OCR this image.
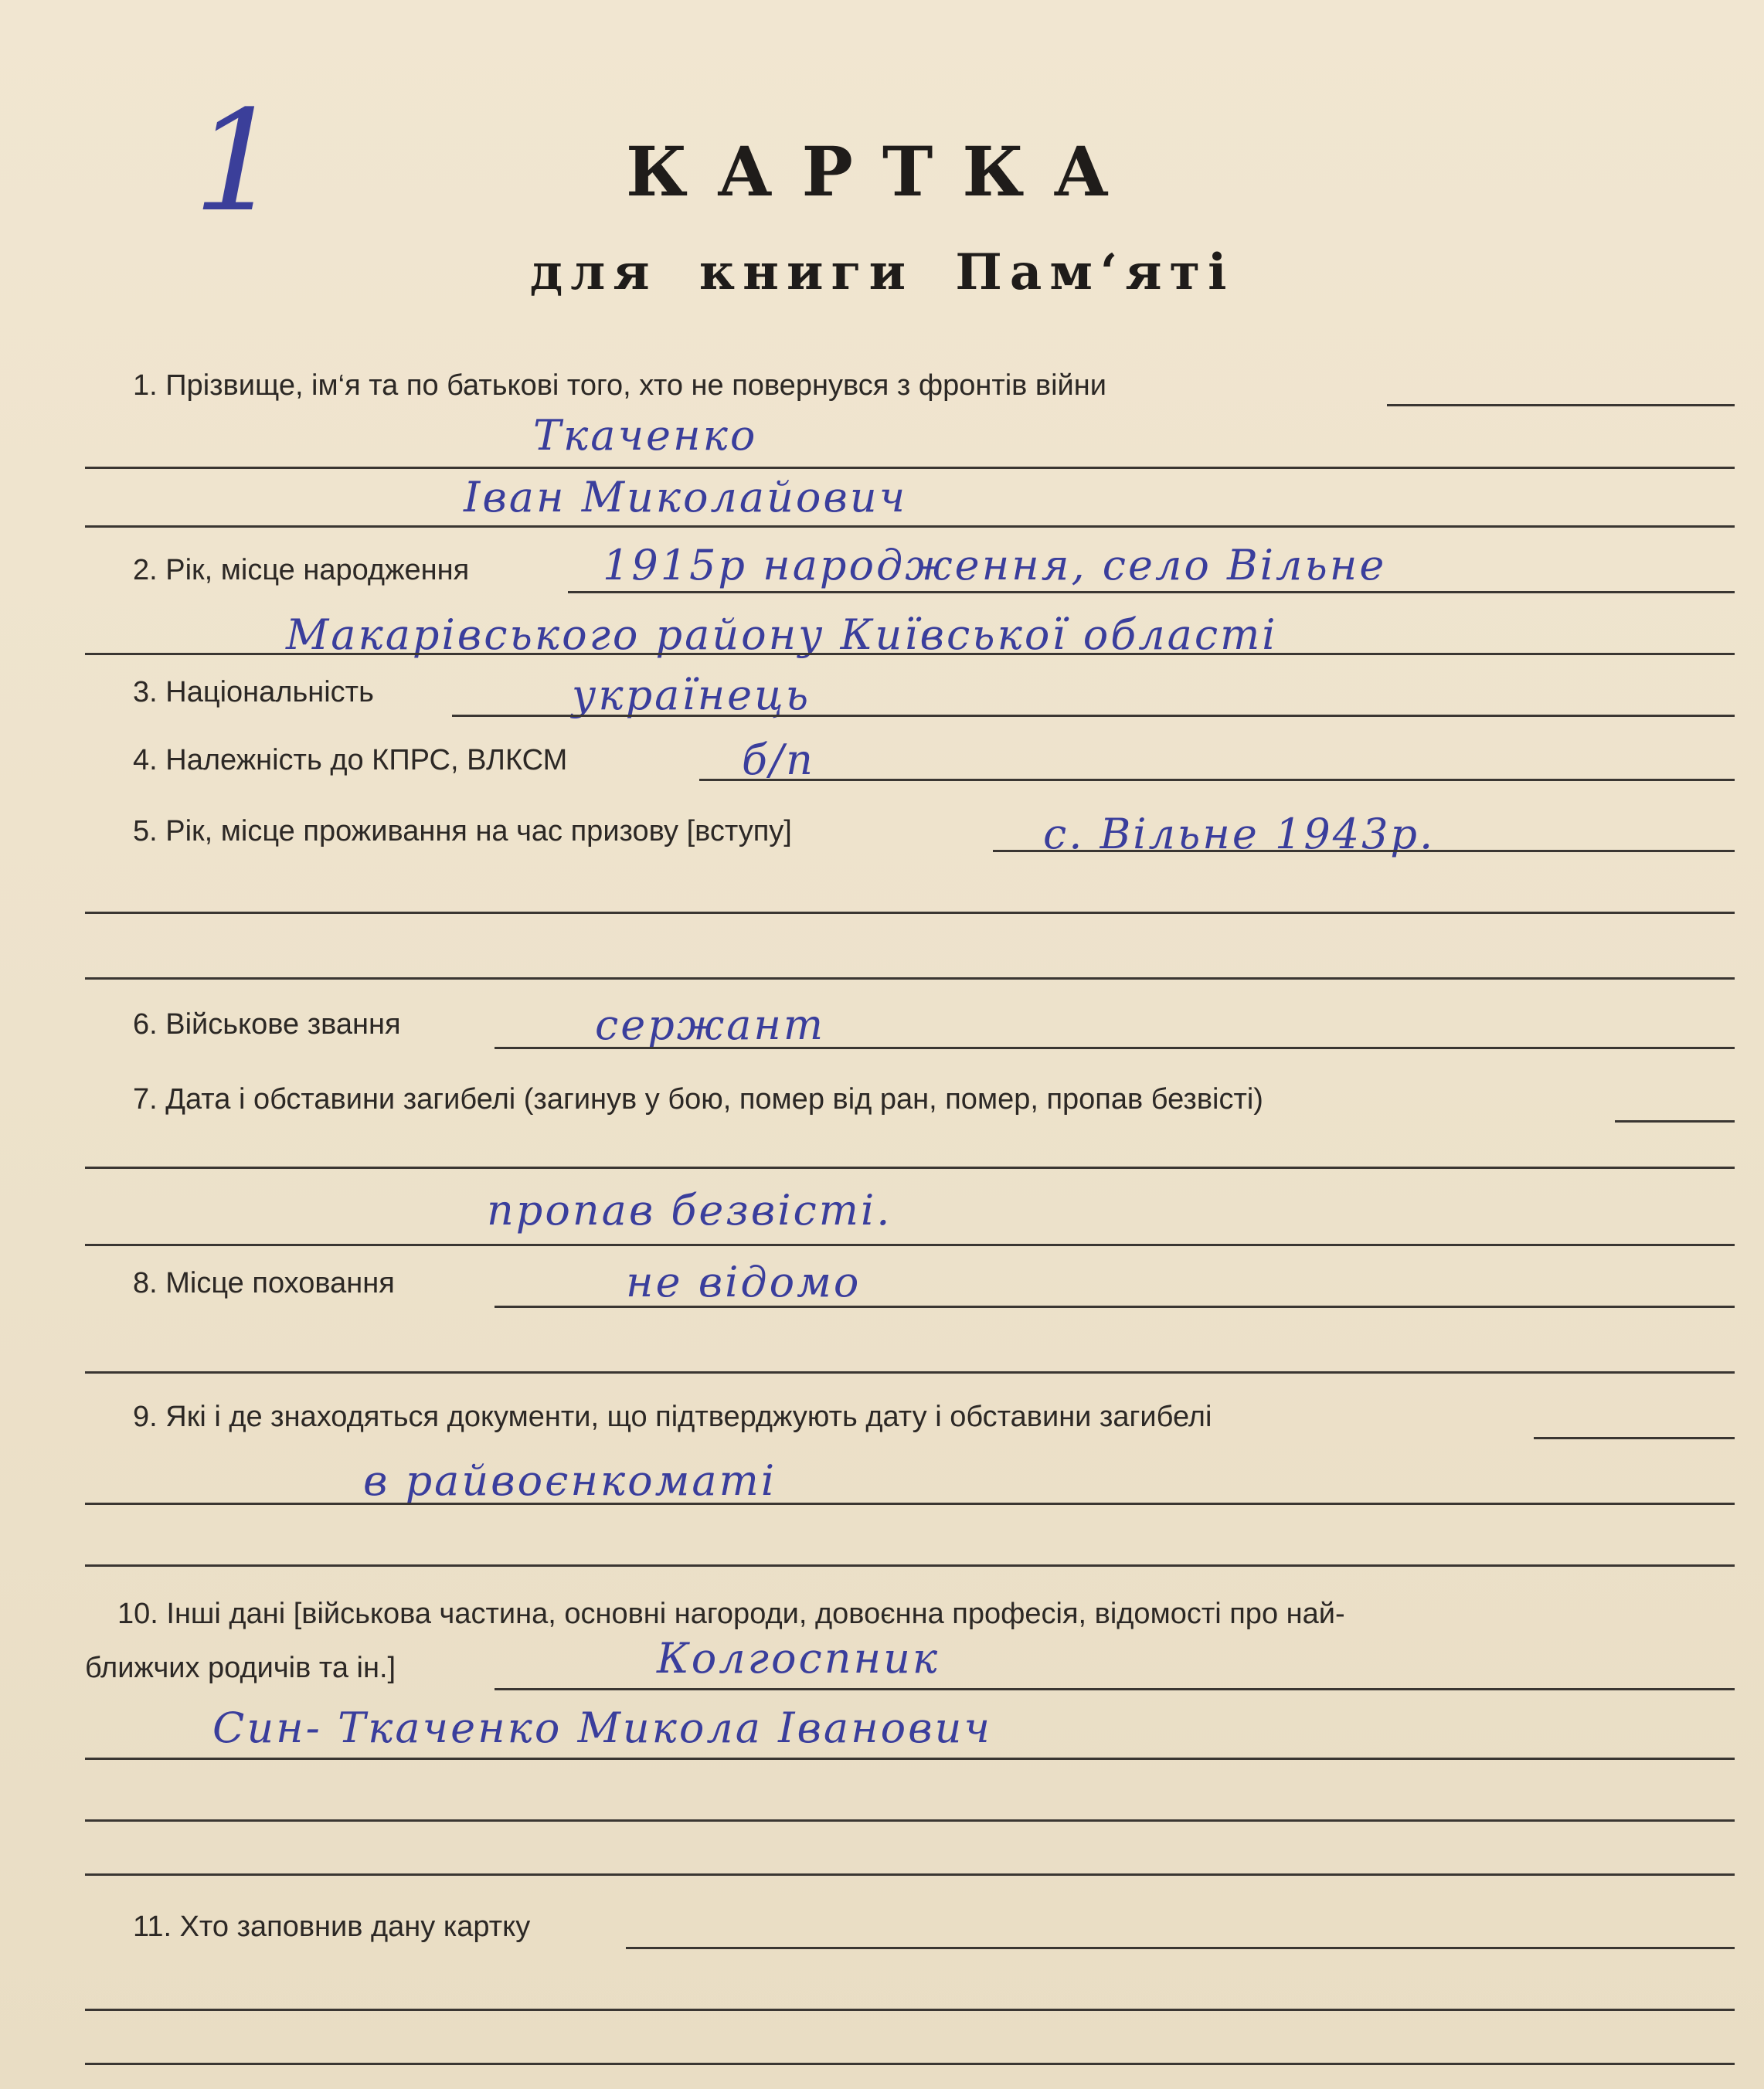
1	КАРТКА
для книги Пам‘яті
1. Прізвище, ім‘я та по батькові того, хто не повернувся з фронтів війни
Ткаченко
Іван Миколайович
2. Рік, місце народження	1915р народження, село Вільне
Макарівського району Київської області
3. Національність	українець
4. Належність до КПРС, ВЛКСМ	б/п
5. Рік, місце проживання на час призову [вступу]	с. Вільне 1943р.
6. Військове звання	сержант
7. Дата і обставини загибелі (загинув у бою, помер від ран, помер, пропав безвісті)
пропав безвісті.
8. Місце поховання	не відомо
9. Які і де знаходяться документи, що підтверджують дату і обставини загибелі
в райвоєнкоматі
10. Інші дані [військова частина, основні нагороди, довоєнна професія, відомості про най-
ближчих родичів та ін.]	Колгоспник
Син- Ткаченко Микола Іванович
11. Хто заповнив дану картку
